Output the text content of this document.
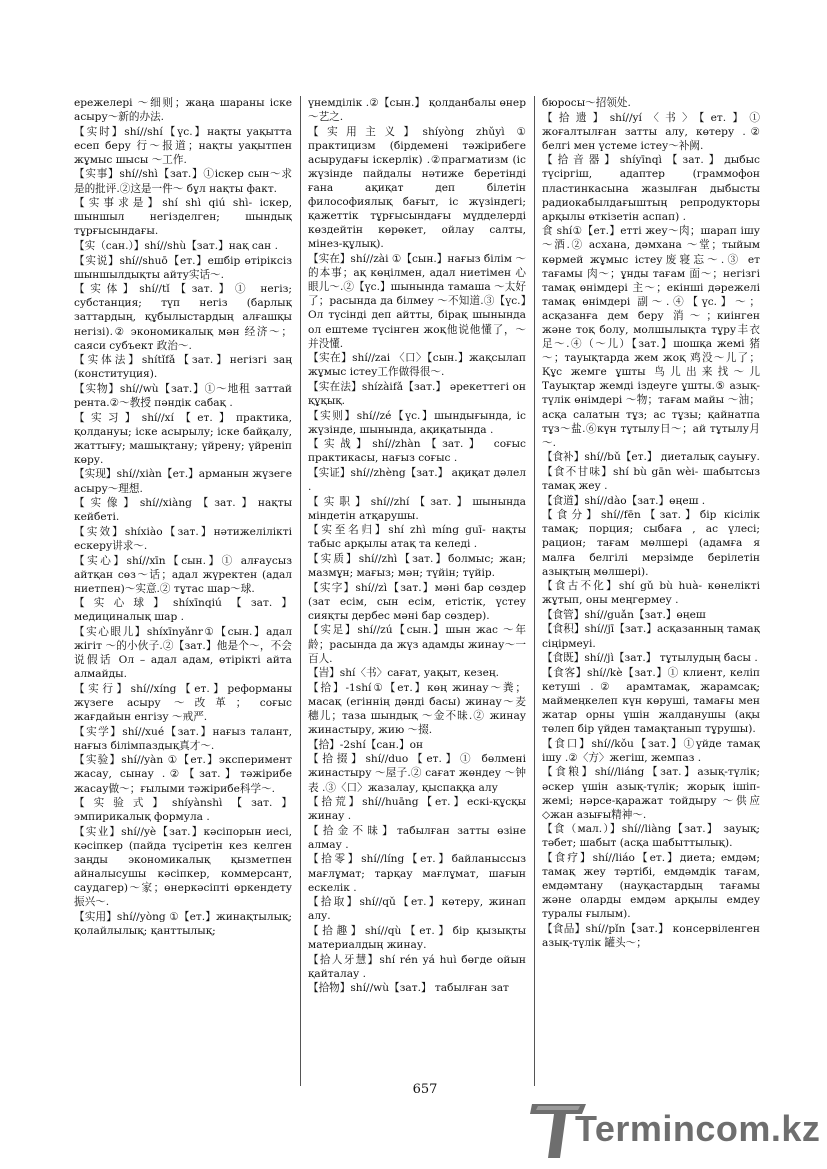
ережелері ～细则；жаңа шараны іске асыру～新的办法.

【实时】shí//shí【үс.】нақты уақытта есеп беру 行～报道；нақты уақытпен жұмыс шысы ～工作.

【实事】shí//shì【зат.】①іскер сын～求是的批评.②这是一件～ бұл нақты факт.

【实事求是】shí shì qiú shì- іскер, шыншыл негізделген; шындық тұрғысындағы.

【实（сан.）】shí//shù【зат.】нақ сан .

【实说】shí//shuō【ет.】ешбір өтіріксіз шыншылдықты айту实话～.

【实体】shí//tǐ【зат.】① негіз; субстанция; түп негіз (барлық заттардың, құбылыстардың алғашқы негізі).② экономикалық мән 经济～；саяси субъект 政治～.

【实体法】shítǐfǎ【зат.】негізгі заң (конституция).

【实物】shí//wù【зат.】①～地租 заттай рента.②～教授 пәндік сабақ .

【实习】shí//xí【ет.】практика, қолдануы; іске асырылу; іске байқалу, жаттығу; машықтану; үйрену; үйреніп көру.

【实现】shí//xiàn【ет.】арманын жүзеге асыру～理想.

【实像】shí//xiàng【зат.】нақты кейбеті.

【实效】shíxiào【зат.】нәтижелілікті ескеру讲求～.

【实心】shí//xīn【сын.】① алғаусыз айтқан сөз～话；адал жүректен (адал ниетпен)～实意.② тұтас шар～球.

【实心球】shíxīnqiú【зат.】медициналық шар .

【实心眼儿】shíxīnyǎnr①【сын.】адал жігіт ～的小伙子.②【зат.】他是个～，不会说假话 Ол – адал адам, өтірікті айта алмайды.

【实行】shí//xíng【ет.】реформаны жүзеге асыру ～改革； соғыс жағдайын енгізу ～戒严.

【实学】shí//xué【зат.】нағыз талант, нағыз білімпаздық真才～.

【实验】shí//yàn ①【ет.】эксперимент жасау, сынау .②【зат.】тәжірибе жасау做～；ғылыми тәжірибе科学～.

【实验式】shíyànshì【зат.】эмпирикалық формула .

【实业】shí//yè【зат.】кәсіпорын иесі, кәсіпкер (пайда түсіретін кез келген заңды экономикалық қызметпен айналысушы кәсіпкер, коммерсант, саудагер)～家；өнеркәсіпті өркендету振兴～.

【实用】shí//yòng ①【ет.】жинақтылық; қолайлылық; қанттылық;

үнемділік .②【сын.】 қолданбалы өнер～艺之.

【实用主义】shíyòng zhǔyì ① практицизм (бірдеменi тәжірибеге асырудағы іскерлік) .②прагматизм (іс жүзінде пайдалы нәтиже беретінді ғана ақиқат деп білетін философиялық бағыт, іс жүзіндегі; қажеттік тұрғысындағы мүдделерді көздейтін көрөкет, ойлау салты, мінез-құлық).

【实在】shí//zài ①【сын.】нағыз білім ～的本事；ақ көңілмен, адал ниетімен 心眼儿～.②【үс.】шынында тамаша ～太好了；расында да білмеу ～不知道.③【үс.】Ол түсінді деп айтты, бірақ шынында ол ештеме түсінген жоқ他说他懂了，～并没懂.

【实在】shí//zai 〈口〉【сын.】жақсылап жұмыс істеу工作做得很～.

【实在法】shízàifǎ【зат.】 әрекеттегі он құқық.

【实则】shí//zé【үс.】шындығында, іс жүзінде, шынында, ақиқатында .

【实战】shí//zhàn【зат.】 соғыс практикасы, нағыз соғыс .

【实证】shí//zhèng【зат.】 ақиқат дәлел .

【实职】shí//zhí【зат.】шынында міндетін атқарушы.

【实至名归】shí zhì míng guī- нақты табыс арқылы атақ та келеді .

【实质】shí//zhì【зат.】болмыс; жан; мазмұн; мағыз; мән; түйін; түйір.

【实字】shí//zì【зат.】мәні бар сөздер (зат есім, сын есім, етістік, үстеу сияқты дербес мәні бар сөздер).

【实足】shí//zú【сын.】шын жас ～年龄；расында да жүз адамды жинау～一百人.

【旹】shí〈书〉сағат, уақыт, кезең.

【拾】-1shí①【ет.】көң жинау～粪；масақ (егіннің дәнді басы) жинау～麦穗儿；таза шындық ～金不昧.② жинау жинастыру, жию ～掇.

【拾】-2shí【сан.】он

【拾掇】shí//duo【ет.】① бөлмені жинастыру ～屋子.② сағат жөндеу ～钟表 .③〈口〉жазалау, қыспаққа алу

【拾荒】shí//huāng【ет.】ескі-құсқы жинау .

【拾金不昧】табылған затты өзіне алмау .

【拾零】shí//líng【ет.】байланыссыз мағлұмат; тарқау мағлұмат, шағын ескелік .

【拾取】shí//qǔ【ет.】көтеру, жинап алу.

【拾趣】shí//qù【ет.】бір қызықты материалдың жинау.

【拾人牙慧】shí rén yá huì бөгде ойын қайталау .

【拾物】shí//wù【зат.】 табылған зат

бюросы～招领处.

【拾遗】shí//yí〈书〉【ет.】① жоғалтылған затты алу, көтеру .② белгі мен үстеме істеу～补阙.

【拾音器】shíyīnqì【зат.】дыбыс түсіргіш, адаптер (граммофон пластинкасына жазылған дыбысты радиокабылдағыштың репродукторы арқылы өткізетін аспап) .

食 shí①【ет.】етті жеу～肉；шарап ішу ～酒.② асхана, дәмхана ～堂；тыйым көрмей жұмыс істеу废寝忘～.③ ет тағамы 肉～；ұнды тағам 面～；негізгі тамақ өнімдері 主～；екінші дәрежелі тамақ өнімдері 副～.④【үс.】～；асқазанға дем беру 消～；киінген және тоқ болу, молшылықта тұру丰衣足～.④（～儿）【зат.】шошқа жемі 猪～；тауықтарда жем жоқ 鸡没～儿了；Құс жемге ұшты 鸟儿出来找～儿 Тауықтар жемді іздеуге ұшты.⑤ азық-түлік өнімдері ～物；тағам майы ～油；асқа салатын тұз; ас тұзы; қайнатпа тұз～盐.⑥күн тұтылу日～；ай тұтылу月～.

【食补】shí//bǔ【ет.】 диеталық сауығу.

【食不甘味】shí bù gān wèi- шабытсыз тамақ жеу .

【食道】shí//dào【зат.】өңеш .

【食分】shí//fēn【зат.】бір кісілік тамақ; порция; сыбаға , ас үлесі; рацион; тағам мөлшері (адамға я малға белгілі мерзімде берілетін азықтың мөлшері).

【食古不化】shí gǔ bù huà- көнелікті жұтып, оны меңгермеу .

【食管】shí//guǎn【зат.】өңеш

【食积】shí//jī【зат.】асқазанның тамақ сіңірмеуі.

【食既】shí//jì【зат.】 тұтылудың басы .

【食客】shí//kè【зат.】① клиент, келіп кетуші .② арамтамақ, жарамсақ; маймеңкелеп күн көруші, тамағы мен жатар орны үшін жалданушы (ақы төлеп бір үйден тамақтанып тұрушы).

【食口】shí//kǒu【зат.】①үйде тамақ ішу .②〈方〉жегіш, жемпаз .

【食粮】shí//liáng【зат.】азық-түлік; әскер үшін азық-түлік; жорық ішіп-жемі; нәрсе-қаражат тойдыру ～供应◇жан азығы精神～.

【食（мал.）】shí//liàng【зат.】 зауық; тәбет; шабыт (асқа шабыттылық).

【食疗】shí//liáo【ет.】диета; емдәм; тамақ жеу тәртібі, емдәмдік тағам, емдәмтану (науқастардың тағамы және оларды емдәм арқылы емдеу туралы ғылым).

【食品】shí//pǐn【зат.】 консервіленген азық-түлік 罐头～；

657
Termincom.kz
